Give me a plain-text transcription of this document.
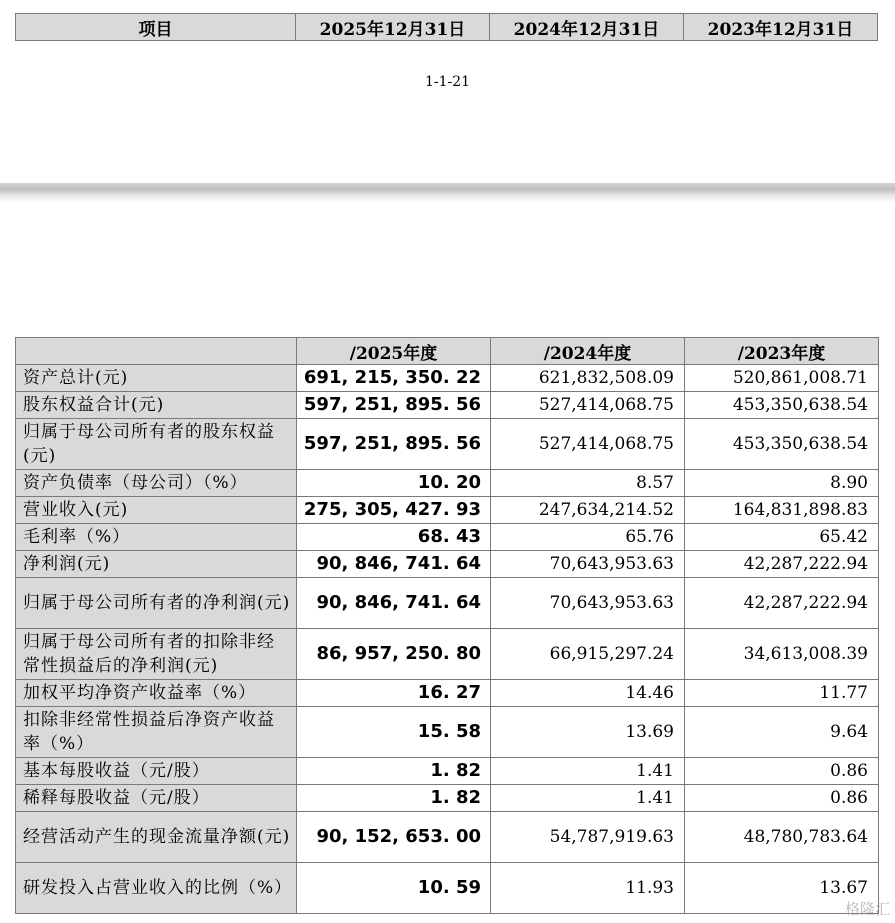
项目	2025年12月31日	2024年12月31日	2023年12月31日
1-1-21
	/2025年度	/2024年度	/2023年度
资产总计(元)	691, 215, 350. 22	621,832,508.09	520,861,008.71
股东权益合计(元)	597, 251, 895. 56	527,414,068.75	453,350,638.54
归属于母公司所有者的股东权益(元)	597, 251, 895. 56	527,414,068.75	453,350,638.54
资产负债率（母公司）（%）	10. 20	8.57	8.90
营业收入(元)	275, 305, 427. 93	247,634,214.52	164,831,898.83
毛利率（%）	68. 43	65.76	65.42
净利润(元)	90, 846, 741. 64	70,643,953.63	42,287,222.94
归属于母公司所有者的净利润(元)	90, 846, 741. 64	70,643,953.63	42,287,222.94
归属于母公司所有者的扣除非经常性损益后的净利润(元)	86, 957, 250. 80	66,915,297.24	34,613,008.39
加权平均净资产收益率（%）	16. 27	14.46	11.77
扣除非经常性损益后净资产收益率（%）	15. 58	13.69	9.64
基本每股收益（元/股）	1. 82	1.41	0.86
稀释每股收益（元/股）	1. 82	1.41	0.86
经营活动产生的现金流量净额(元)	90, 152, 653. 00	54,787,919.63	48,780,783.64
研发投入占营业收入的比例（%）	10. 59	11.93	13.67
格隆汇
